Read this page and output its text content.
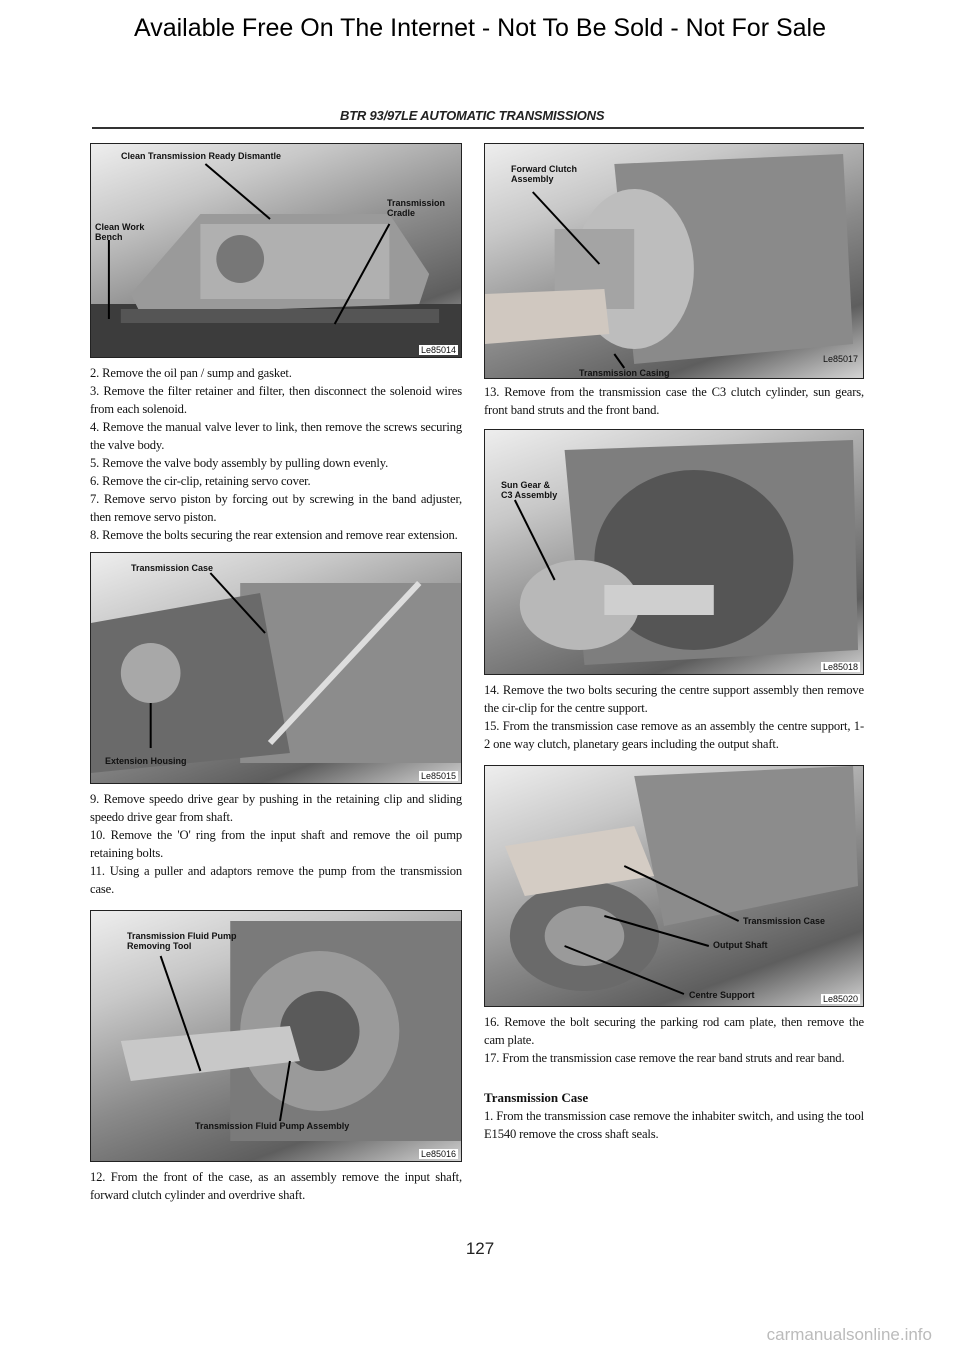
Available Free On The Internet - Not To Be Sold - Not For Sale
BTR 93/97LE AUTOMATIC TRANSMISSIONS
Clean Transmission Ready Dismantle
Clean Work
Bench
Transmission
Cradle
Le85014

2. Remove the oil pan / sump and gasket.

3. Remove the filter retainer and filter, then disconnect the solenoid wires from each solenoid.

4. Remove the manual valve lever to link, then remove the screws securing the valve body.

5. Remove the valve body assembly by pulling down evenly.

6. Remove the cir-clip, retaining servo cover.

7. Remove servo piston by forcing out by screwing in the band adjuster, then remove servo piston.

8. Remove the bolts securing the rear extension and remove rear extension.

Transmission Case
Extension Housing
Le85015

9. Remove speedo drive gear by pushing in the retaining clip and sliding speedo drive gear from shaft.

10. Remove the 'O' ring from the input shaft and remove the oil pump retaining bolts.

11. Using a puller and adaptors remove the pump from the transmission case.

Transmission Fluid Pump
Removing Tool
Transmission Fluid Pump Assembly
Le85016

12. From the front of the case, as an assembly remove the input shaft, forward clutch cylinder and overdrive shaft.

Forward Clutch
Assembly
Transmission Casing
Le85017

13. Remove from the transmission case the C3 clutch cylinder, sun gears, front band struts and the front band.

Sun Gear &
C3 Assembly
Le85018

14. Remove the two bolts securing the centre support assembly then remove the cir-clip for the centre support.

15. From the transmission case remove as an assembly the centre support, 1-2 one way clutch, planetary gears including the output shaft.

Transmission Case
Output Shaft
Centre Support	Le85020

16. Remove the bolt securing the parking rod cam plate, then remove the cam plate.

17. From the transmission case remove the rear band struts and rear band.

Transmission Case

1. From the transmission case remove the inhabiter switch, and using the tool E1540 remove the cross shaft seals.

127
carmanualsonline.info
